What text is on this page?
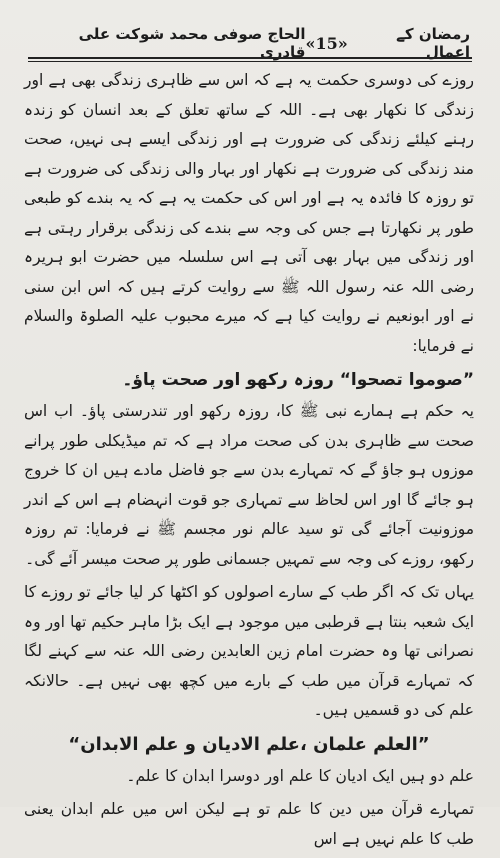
رمضان کے اعمال
«15»
الحاج صوفی محمد شوکت علی قادری

روزے کی دوسری حکمت یہ ہے کہ اس سے ظاہری زندگی بھی ہے اور زندگی کا نکھار بھی ہے۔ اللہ کے ساتھ تعلق کے بعد انسان کو زندہ رہنے کیلئے زندگی کی ضرورت ہے اور زندگی ایسے ہی نہیں، صحت مند زندگی کی ضرورت ہے نکھار اور بہار والی زندگی کی ضرورت ہے تو روزہ کا فائدہ یہ ہے اور اس کی حکمت یہ ہے کہ یہ بندے کو طبعی طور پر نکھارتا ہے جس کی وجہ سے بندے کی زندگی برقرار رہتی ہے اور زندگی میں بہار بھی آتی ہے اس سلسلہ میں حضرت ابو ہریرہ رضی اللہ عنہ رسول اللہ ﷺ سے روایت کرتے ہیں کہ اس ابن سنی نے اور ابونعیم نے روایت کیا ہے کہ میرے محبوب علیہ الصلوۃ والسلام نے فرمایا:

”صوموا تصحوا“ روزہ رکھو اور صحت پاؤ۔

یہ حکم ہے ہمارے نبی ﷺ کا، روزہ رکھو اور تندرستی پاؤ۔ اب اس صحت سے ظاہری بدن کی صحت مراد ہے کہ تم میڈیکلی طور پرانے موزوں ہو جاؤ گے کہ تمہارے بدن سے جو فاضل مادے ہیں ان کا خروج ہو جائے گا اور اس لحاظ سے تمہاری جو قوت انہضام ہے اس کے اندر موزونیت آجائے گی تو سید عالم نور مجسم ﷺ نے فرمایا: تم روزہ رکھو، روزے کی وجہ سے تمہیں جسمانی طور پر صحت میسر آئے گی۔

یہاں تک کہ اگر طب کے سارے اصولوں کو اکٹھا کر لیا جائے تو روزے کا ایک شعبہ بنتا ہے قرطبی میں موجود ہے ایک بڑا ماہر حکیم تھا اور وہ نصرانی تھا وہ حضرت امام زین العابدین رضی اللہ عنہ سے کہنے لگا کہ تمہارے قرآن میں طب کے بارے میں کچھ بھی نہیں ہے۔ حالانکہ علم کی دو قسمیں ہیں۔

”العلم علمان ،علم الادیان و علم الابدان“

علم دو ہیں ایک ادیان کا علم اور دوسرا ابدان کا علم۔

تمہارے قرآن میں دین کا علم تو ہے لیکن اس میں علم ابدان یعنی طب کا علم نہیں ہے اس
